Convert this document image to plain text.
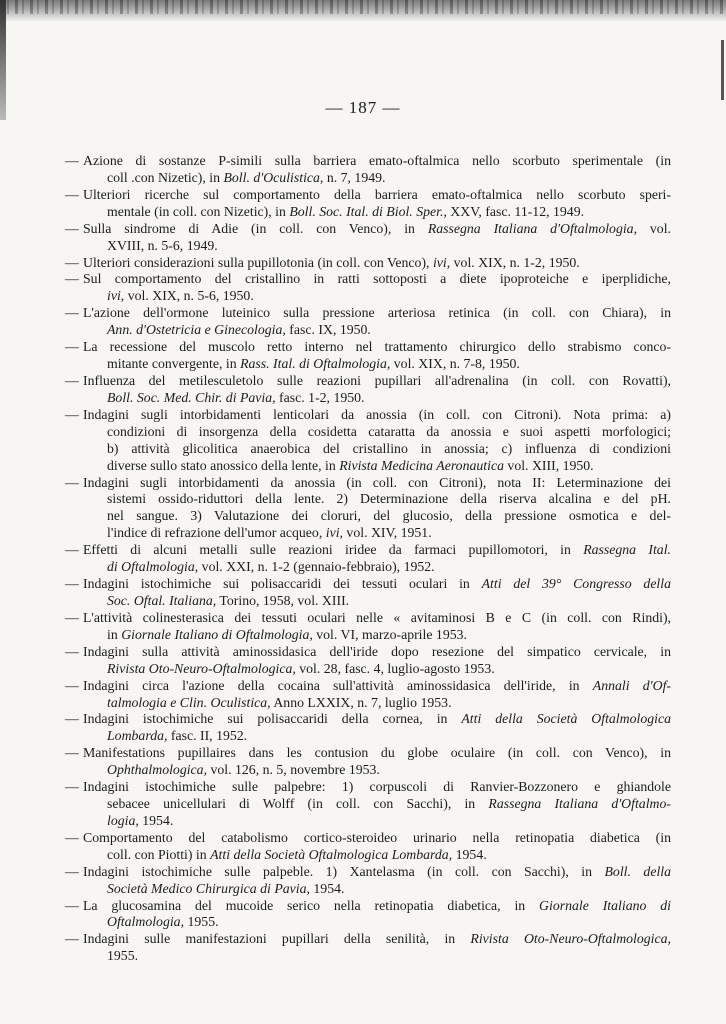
— 187 —
— Azione di sostanze P-simili sulla barriera emato-oftalmica nello scorbuto sperimentale (in
coll .con Nizetic), in Boll. d'Oculistica, n. 7, 1949.
— Ulteriori ricerche sul comportamento della barriera emato-oftalmica nello scorbuto speri-
mentale (in coll. con Nizetic), in Boll. Soc. Ital. di Biol. Sper., XXV, fasc. 11-12, 1949.
— Sulla sindrome di Adie (in coll. con Venco), in Rassegna Italiana d'Oftalmologia, vol.
XVIII, n. 5-6, 1949.
— Ulteriori considerazioni sulla pupillotonia (in coll. con Venco), ivi, vol. XIX, n. 1-2, 1950.
— Sul comportamento del cristallino in ratti sottoposti a diete ipoproteiche e iperplidiche,
ivi, vol. XIX, n. 5-6, 1950.
— L'azione dell'ormone luteinico sulla pressione arteriosa retinica (in coll. con Chiara), in
Ann. d'Ostetricia e Ginecologia, fasc. IX, 1950.
— La recessione del muscolo retto interno nel trattamento chirurgico dello strabismo conco-
mitante convergente, in Rass. Ital. di Oftalmologia, vol. XIX, n. 7-8, 1950.
— Influenza del metilesculetolo sulle reazioni pupillari all'adrenalina (in coll. con Rovatti),
Boll. Soc. Med. Chir. di Pavia, fasc. 1-2, 1950.
— Indagini sugli intorbidamenti lenticolari da anossia (in coll. con Citroni). Nota prima: a)
condizioni di insorgenza della cosidetta cataratta da anossia e suoi aspetti morfologici;
b) attività glicolitica anaerobica del cristallino in anossia; c) influenza di condizioni
diverse sullo stato anossico della lente, in Rivista Medicina Aeronautica vol. XIII, 1950.
— Indagini sugli intorbidamenti da anossia (in coll. con Citroni), nota II: Leterminazione dei
sistemi ossido-riduttori della lente. 2) Determinazione della riserva alcalina e del pH.
nel sangue. 3) Valutazione dei cloruri, del glucosio, della pressione osmotica e del-
l'indice di refrazione dell'umor acqueo, ivi, vol. XIV, 1951.
— Effetti di alcuni metalli sulle reazioni iridee da farmaci pupillomotori, in Rassegna Ital.
di Oftalmologia, vol. XXI, n. 1-2 (gennaio-febbraio), 1952.
— Indagini istochimiche sui polisaccaridi dei tessuti oculari in Atti del 39° Congresso della
Soc. Oftal. Italiana, Torino, 1958, vol. XIII.
— L'attività colinesterasica dei tessuti oculari nelle « avitaminosi B e C (in coll. con Rindi),
in Giornale Italiano di Oftalmologia, vol. VI, marzo-aprile 1953.
— Indagini sulla attività aminossidasica dell'iride dopo resezione del simpatico cervicale, in
Rivista Oto-Neuro-Oftalmologica, vol. 28, fasc. 4, luglio-agosto 1953.
— Indagini circa l'azione della cocaina sull'attività aminossidasica dell'iride, in Annali d'Of-
talmologia e Clin. Oculistica, Anno LXXIX, n. 7, luglio 1953.
— Indagini istochimiche sui polisaccaridi della cornea, in Atti della Società Oftalmologica
Lombarda, fasc. II, 1952.
— Manifestations pupillaires dans les contusion du globe oculaire (in coll. con Venco), in
Ophthalmologica, vol. 126, n. 5, novembre 1953.
— Indagini istochimiche sulle palpebre: 1) corpuscoli di Ranvier-Bozzonero e ghiandole
sebacee unicellulari di Wolff (in coll. con Sacchi), in Rassegna Italiana d'Oftalmo-
logia, 1954.
— Comportamento del catabolismo cortico-steroideo urinario nella retinopatia diabetica (in
coll. con Piotti) in Atti della Società Oftalmologica Lombarda, 1954.
— Indagini istochimiche sulle palpeble. 1) Xantelasma (in coll. con Sacchi), in Boll. della
Società Medico Chirurgica di Pavia, 1954.
— La glucosamina del mucoide serico nella retinopatia diabetica, in Giornale Italiano di
Oftalmologia, 1955.
— Indagini sulle manifestazioni pupillari della senilità, in Rivista Oto-Neuro-Oftalmologica,
1955.
